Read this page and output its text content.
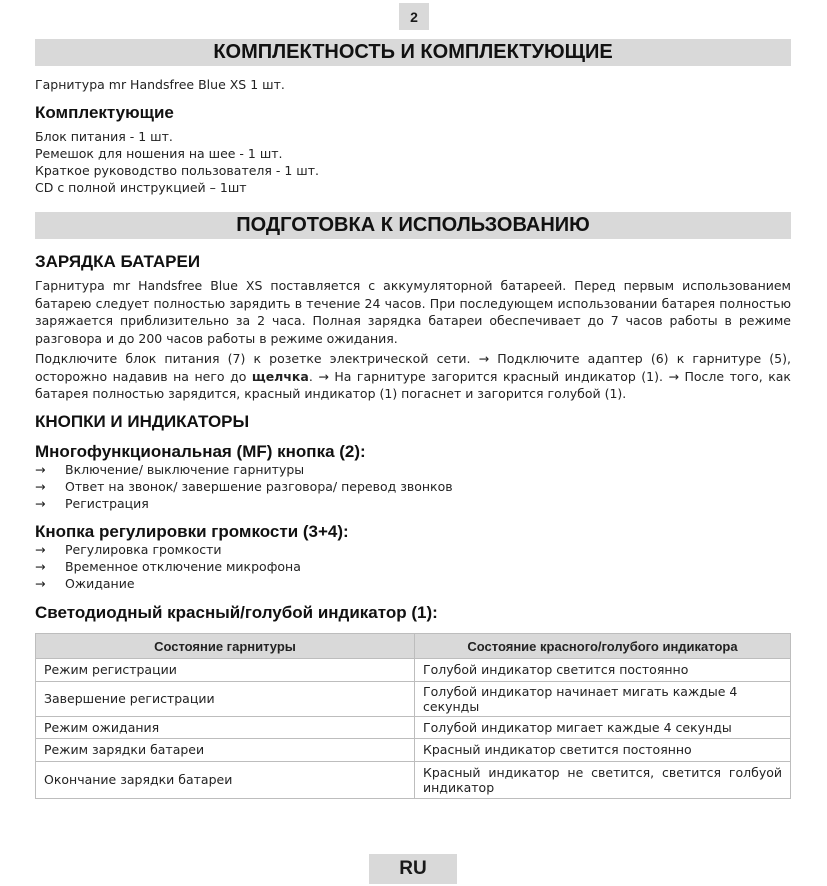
2
КОМПЛЕКТНОСТЬ И КОМПЛЕКТУЮЩИЕ
Гарнитура mr Handsfree Blue XS 1 шт.
Комплектующие
Блок питания - 1 шт.
Ремешок для ношения на шее - 1 шт.
Краткое руководство пользователя - 1 шт.
CD с полной инструкцией – 1шт
ПОДГОТОВКА К ИСПОЛЬЗОВАНИЮ
ЗАРЯДКА БАТАРЕИ
Гарнитура mr Handsfree Blue XS поставляется с аккумуляторной батареей. Перед первым использованием батарею следует полностью зарядить в течение 24 часов. При последующем использовании батарея полностью заряжается приблизительно за 2 часа. Полная зарядка батареи обеспечивает до 7 часов работы в режиме разговора и до 200 часов работы в режиме ожидания.
Подключите блок питания (7) к розетке электрической сети. → Подключите адаптер (6) к гарнитуре (5), осторожно надавив на него до щелчка. → На гарнитуре загорится красный индикатор (1). → После того, как батарея полностью зарядится, красный индикатор (1) погаснет и загорится голубой (1).
КНОПКИ И ИНДИКАТОРЫ
Многофункциональная (MF) кнопка (2):
→ Включение/ выключение гарнитуры
→ Ответ на звонок/ завершение разговора/ перевод звонков
→ Регистрация
Кнопка регулировки громкости (3+4):
→ Регулировка громкости
→ Временное отключение микрофона
→ Ожидание
Светодиодный красный/голубой индикатор (1):
Состояние гарнитуры	Состояние красного/голубого индикатора
Режим регистрации	Голубой индикатор светится постоянно
Завершение регистрации	Голубой индикатор начинает мигать каждые 4 секунды
Режим ожидания	Голубой индикатор мигает каждые 4 секунды
Режим зарядки батареи	Красный индикатор светится постоянно
Окончание зарядки батареи	Красный индикатор не светится, светится голбуой индикатор
RU
